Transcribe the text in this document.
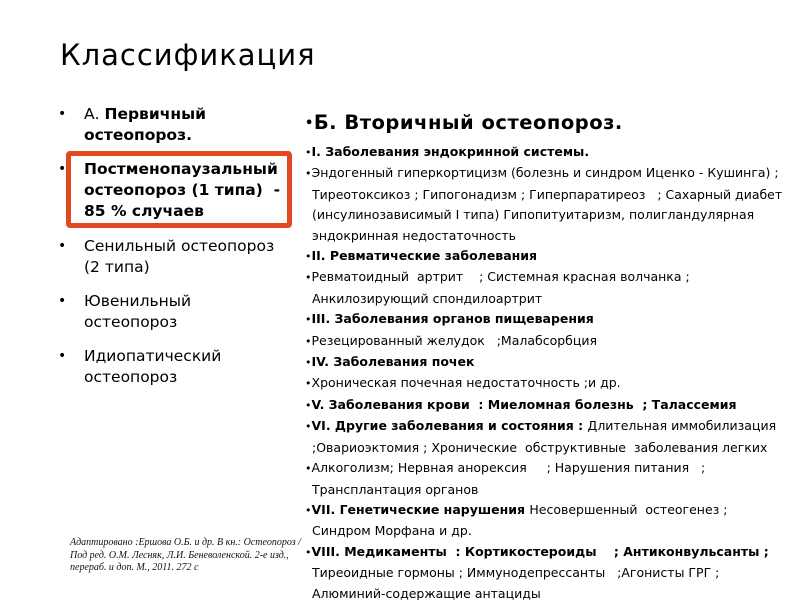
Классификация
•	А. Первичный остеопороз.
•	Постменопаузальный остеопороз (1 типа)  - 85 % случаев
•	Сенильный остеопороз (2 типа)
•	Ювенильный остеопороз
•	Идиопатический остеопороз
•Б. Вторичный остеопороз.
•I. Заболевания эндокринной системы.
•Эндогенный гиперкортицизм (болезнь и синдром Иценко - Кушинга) ; Тиреотоксикоз ; Гипогонадизм ; Гиперпаратиреоз   ; Сахарный диабет (инсулинозависимый I типа) Гипопитуитаризм, полигландулярная эндокринная недостаточность
•II. Ревматические заболевания
•Ревматоидный  артрит    ; Системная красная волчанка ; Анкилозирующий спондилоартрит
•III. Заболевания органов пищеварения
•Резецированный желудок   ;Малабсорбция
•IV. Заболевания почек
•Хроническая почечная недостаточность ;и др.
•V. Заболевания крови  : Миеломная болезнь  ; Талассемия
•VI. Другие заболевания и состояния : Длительная иммобилизация ;Овариоэктомия ; Хронические  обструктивные  заболевания легких
•Алкоголизм; Нервная анорексия     ; Нарушения питания   ; Трансплантация органов
•VII. Генетические нарушения Несовершенный  остеогенез ; Синдром Морфана и др.
•VIII. Медикаменты  : Кортикостероиды    ; Антиконвульсанты ; Тиреоидные гормоны ; Иммунодепрессанты   ;Агонисты ГРГ ; Алюминий-содержащие антациды
Адаптировано :Ершова О.Б. и др. В кн.: Остеопороз / Под ред. О.М. Лесняк, Л.И. Беневоленской. 2-е изд., перераб. и доп. М., 2011. 272 с
